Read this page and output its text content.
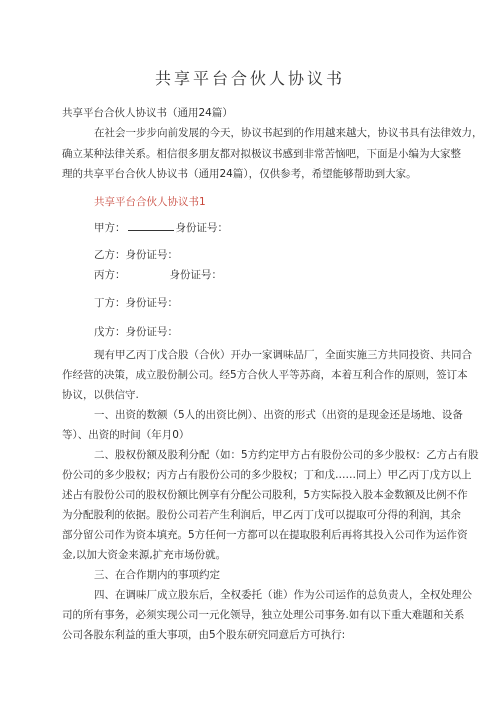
共享平台合伙人协议书
共享平台合伙人协议书（通用24篇）
在社会一步步向前发展的今天，协议书起到的作用越来越大，协议书具有法律效力，
确立某种法律关系。相信很多朋友都对拟极议书感到非常苦恼吧，下面是小编为大家整
理的共享平台合伙人协议书（通用24篇），仅供参考，希望能够帮助到大家。
共享平台合伙人协议书1
甲方：	身份证号：
乙方：身份证号：
丙方：	身份证号：
丁方：身份证号：
戊方：身份证号：
现有甲乙丙丁戊合股（合伙）开办一家调味品厂，全面实施三方共同投资、共同合
作经营的决策，成立股份制公司。经5方合伙人平等苏商，本着互利合作的原则，签订本
协议，以供信守.
一、出资的数额（5人的出资比例）、出资的形式（出资的是现金还是场地、设备
等）、出资的时间（年月0）
二、股权份额及股利分配（如：5方约定甲方占有股份公司的多少股权：乙方占有股
份公司的多少股权；丙方占有股份公司的多少股权；丁和戊……同上）甲乙丙丁戊方以上
述占有股份公司的股权份额比例享有分配公司股利，5方实际投入股本金数额及比例不作
为分配股利的依据。股份公司若产生利润后，甲乙丙丁戊可以提取可分得的利润，其余
部分留公司作为资本填充。5方任何一方都可以在提取股利后再将其投入公司作为运作资
金,以加大资金来源,扩充市场份就。
三、在合作期内的事项约定
四、在调味厂成立股东后，全权委托（谁）作为公司运作的总负责人，全权处理公
司的所有事务，必须实现公司一元化领导，独立处理公司事务.如有以下重大难题和关系
公司各股东利益的重大事项，由5个股东研究同意后方可执行:
